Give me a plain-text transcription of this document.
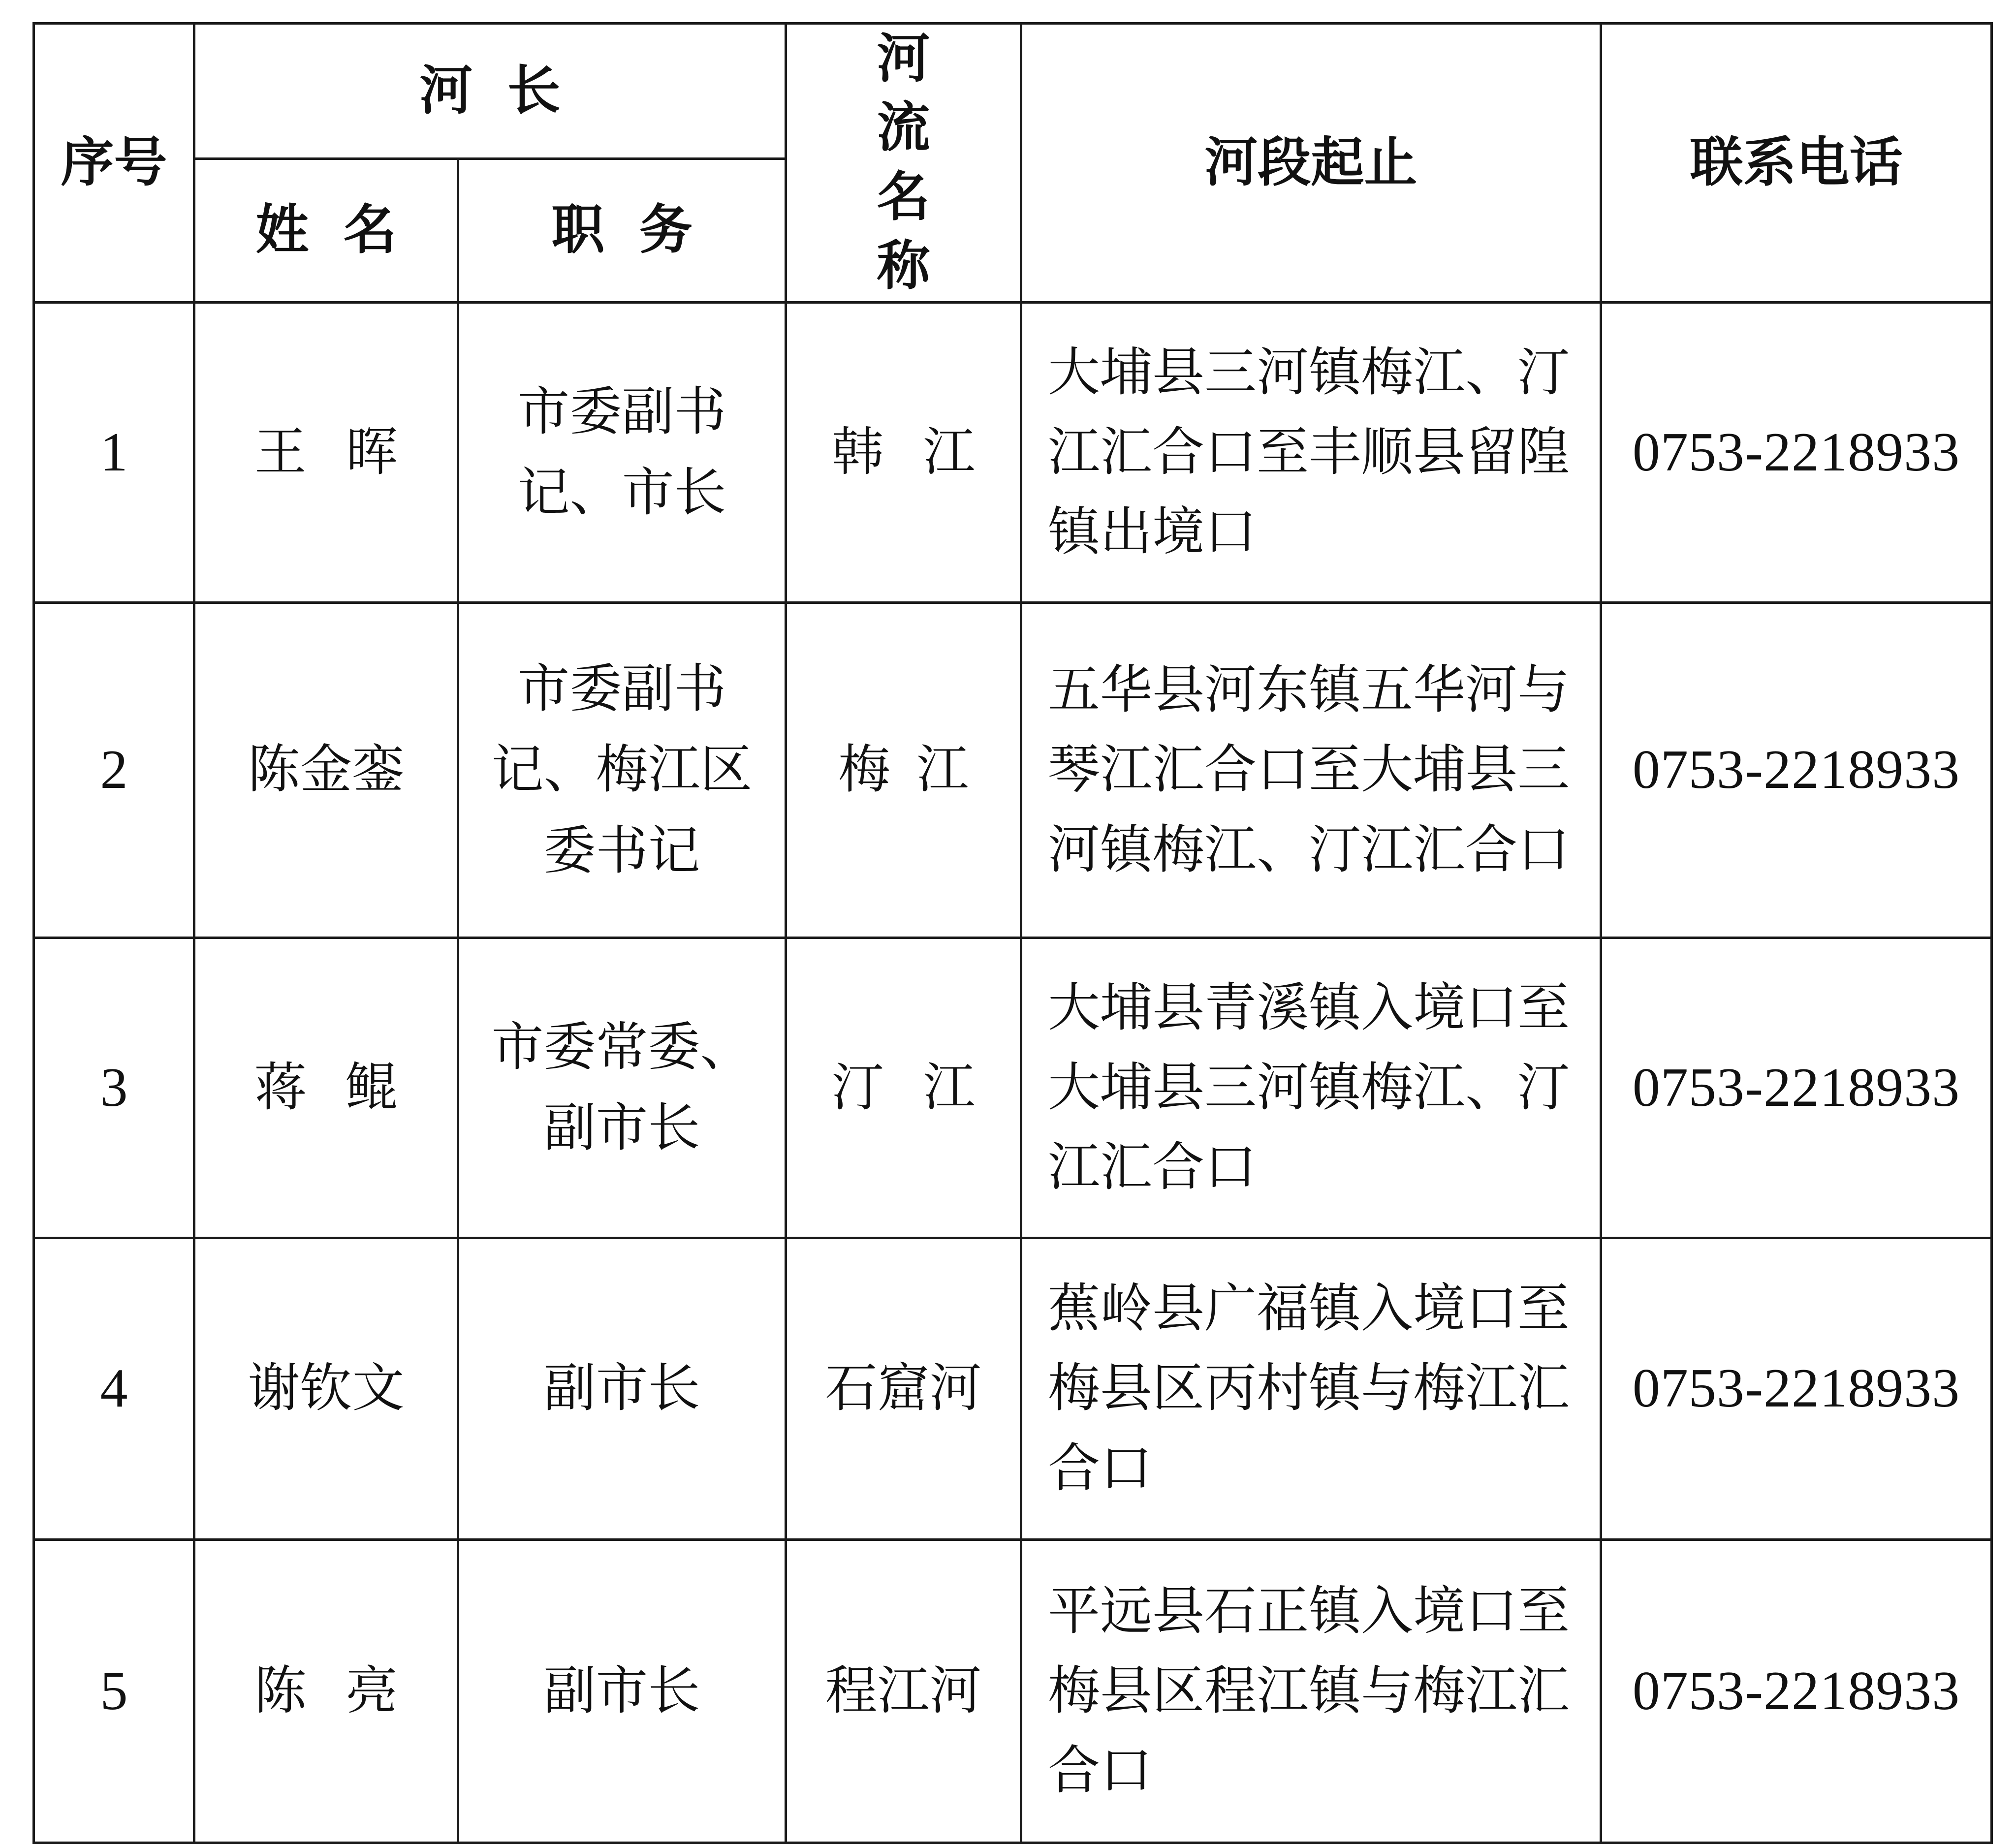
序号	河长		河流名称	河段起止	联系电话
	姓名	职务			
1	王晖	市委副书记、市长	韩江	大埔县三河镇梅江、汀江汇合口至丰顺县留隍镇出境口	0753-2218933
2	陈金銮	市委副书记、梅江区委书记	梅江	五华县河东镇五华河与琴江汇合口至大埔县三河镇梅江、汀江汇合口	0753-2218933
3	蒋鲲	市委常委、副市长	汀江	大埔县青溪镇入境口至大埔县三河镇梅江、汀江汇合口	0753-2218933
4	谢钦文	副市长	石窟河	蕉岭县广福镇入境口至梅县区丙村镇与梅江汇合口	0753-2218933
5	陈亮	副市长	程江河	平远县石正镇入境口至梅县区程江镇与梅江汇合口	0753-2218933
